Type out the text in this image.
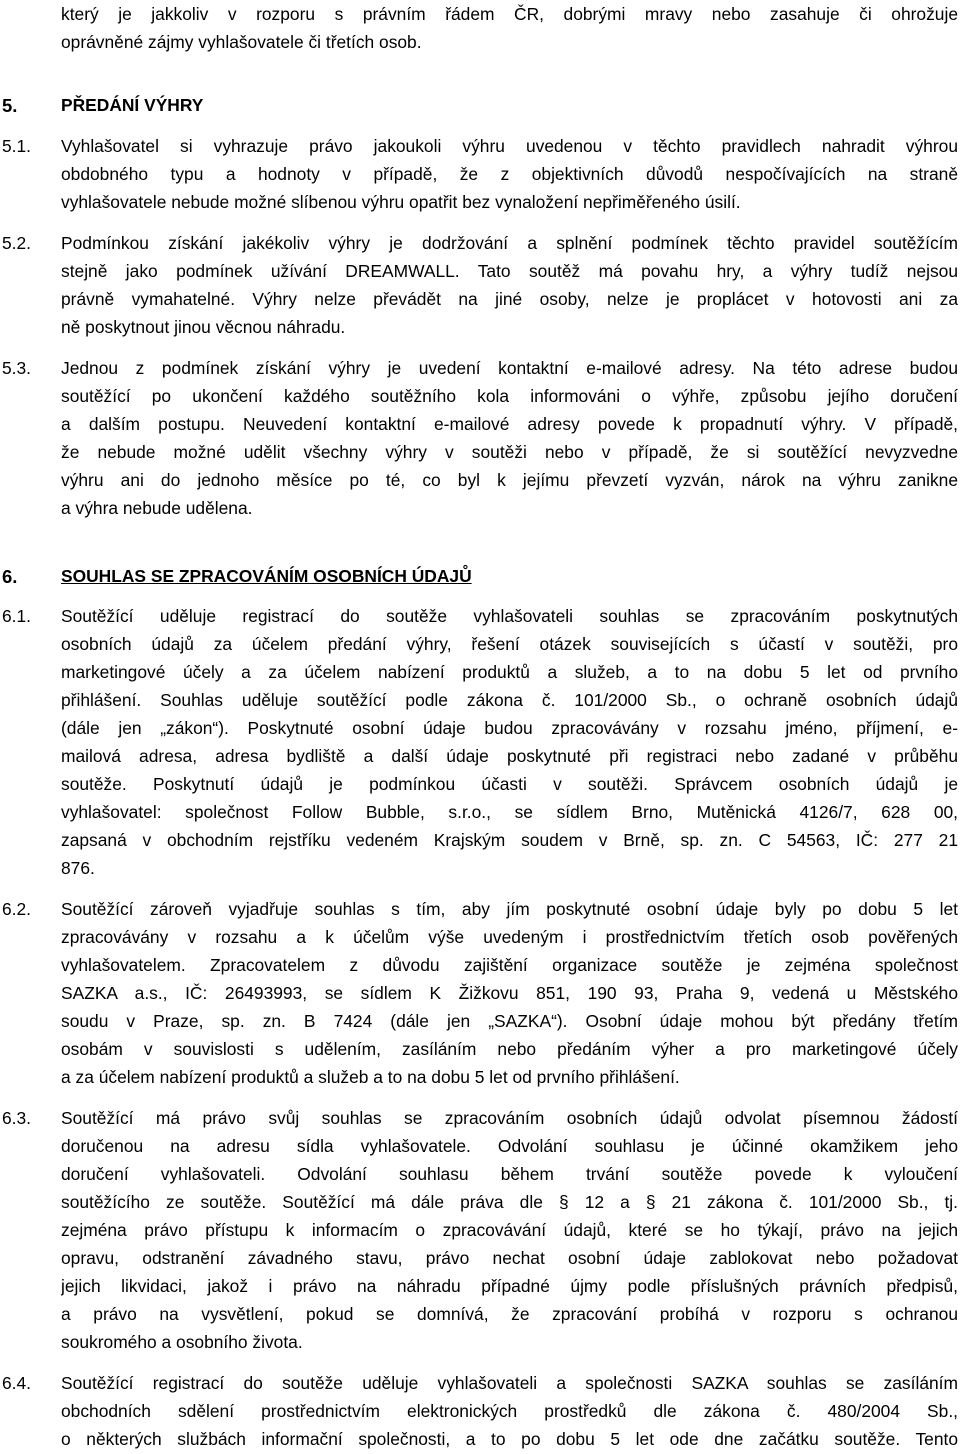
který je jakkoliv v rozporu s právním řádem ČR, dobrými mravy nebo zasahuje či ohrožuje
oprávněné zájmy vyhlašovatele či třetích osob.
5.	PŘEDÁNÍ VÝHRY
5.1. Vyhlašovatel si vyhrazuje právo jakoukoli výhru uvedenou v těchto pravidlech nahradit výhrou
obdobného typu a hodnoty v případě, že z objektivních důvodů nespočívajících na straně
vyhlašovatele nebude možné slíbenou výhru opatřit bez vynaložení nepřiměřeného úsilí.
5.2. Podmínkou získání jakékoliv výhry je dodržování a splnění podmínek těchto pravidel soutěžícím
stejně jako podmínek užívání DREAMWALL. Tato soutěž má povahu hry, a výhry tudíž nejsou
právně vymahatelné. Výhry nelze převádět na jiné osoby, nelze je proplácet v hotovosti ani za
ně poskytnout jinou věcnou náhradu.
5.3. Jednou z podmínek získání výhry je uvedení kontaktní e-mailové adresy. Na této adrese budou
soutěžící po ukončení každého soutěžního kola informováni o výhře, způsobu jejího doručení
a dalším postupu. Neuvedení kontaktní e-mailové adresy povede k propadnutí výhry. V případě,
že nebude možné udělit všechny výhry v soutěži nebo v případě, že si soutěžící nevyzvedne
výhru ani do jednoho měsíce po té, co byl k jejímu převzetí vyzván, nárok na výhru zanikne
a výhra nebude udělena.
6.	SOUHLAS SE ZPRACOVÁNÍM OSOBNÍCH ÚDAJŮ
6.1. Soutěžící uděluje registrací do soutěže vyhlašovateli souhlas se zpracováním poskytnutých
osobních údajů za účelem předání výhry, řešení otázek souvisejících s účastí v soutěži, pro
marketingové účely a za účelem nabízení produktů a služeb, a to na dobu 5 let od prvního
přihlášení. Souhlas uděluje soutěžící podle zákona č. 101/2000 Sb., o ochraně osobních údajů
(dále jen „zákon“). Poskytnuté osobní údaje budou zpracovávány v rozsahu jméno, příjmení, e-
mailová adresa, adresa bydliště a další údaje poskytnuté při registraci nebo zadané v průběhu
soutěže. Poskytnutí údajů je podmínkou účasti v soutěži. Správcem osobních údajů je
vyhlašovatel: společnost Follow Bubble, s.r.o., se sídlem Brno, Mutěnická 4126/7, 628 00,
zapsaná v obchodním rejstříku vedeném Krajským soudem v Brně, sp. zn. C 54563, IČ: 277 21
876.
6.2. Soutěžící zároveň vyjadřuje souhlas s tím, aby jím poskytnuté osobní údaje byly po dobu 5 let
zpracovávány v rozsahu a k účelům výše uvedeným i prostřednictvím třetích osob pověřených
vyhlašovatelem. Zpracovatelem z důvodu zajištění organizace soutěže je zejména společnost
SAZKA a.s., IČ: 26493993, se sídlem K Žižkovu 851, 190 93, Praha 9, vedená u Městského
soudu v Praze, sp. zn. B 7424 (dále jen „SAZKA“). Osobní údaje mohou být předány třetím
osobám v souvislosti s udělením, zasíláním nebo předáním výher a pro marketingové účely
a za účelem nabízení produktů a služeb a to na dobu 5 let od prvního přihlášení.
6.3. Soutěžící má právo svůj souhlas se zpracováním osobních údajů odvolat písemnou žádostí
doručenou na adresu sídla vyhlašovatele. Odvolání souhlasu je účinné okamžikem jeho
doručení vyhlašovateli. Odvolání souhlasu během trvání soutěže povede k vyloučení
soutěžícího ze soutěže. Soutěžící má dále práva dle § 12 a § 21 zákona č. 101/2000 Sb., tj.
zejména právo přístupu k informacím o zpracovávání údajů, které se ho týkají, právo na jejich
opravu, odstranění závadného stavu, právo nechat osobní údaje zablokovat nebo požadovat
jejich likvidaci, jakož i právo na náhradu případné újmy podle příslušných právních předpisů,
a právo na vysvětlení, pokud se domnívá, že zpracování probíhá v rozporu s ochranou
soukromého a osobního života.
6.4. Soutěžící registrací do soutěže uděluje vyhlašovateli a společnosti SAZKA souhlas se zasíláním
obchodních sdělení prostřednictvím elektronických prostředků dle zákona č. 480/2004 Sb.,
o některých službách informační společnosti, a to po dobu 5 let ode dne začátku soutěže. Tento
